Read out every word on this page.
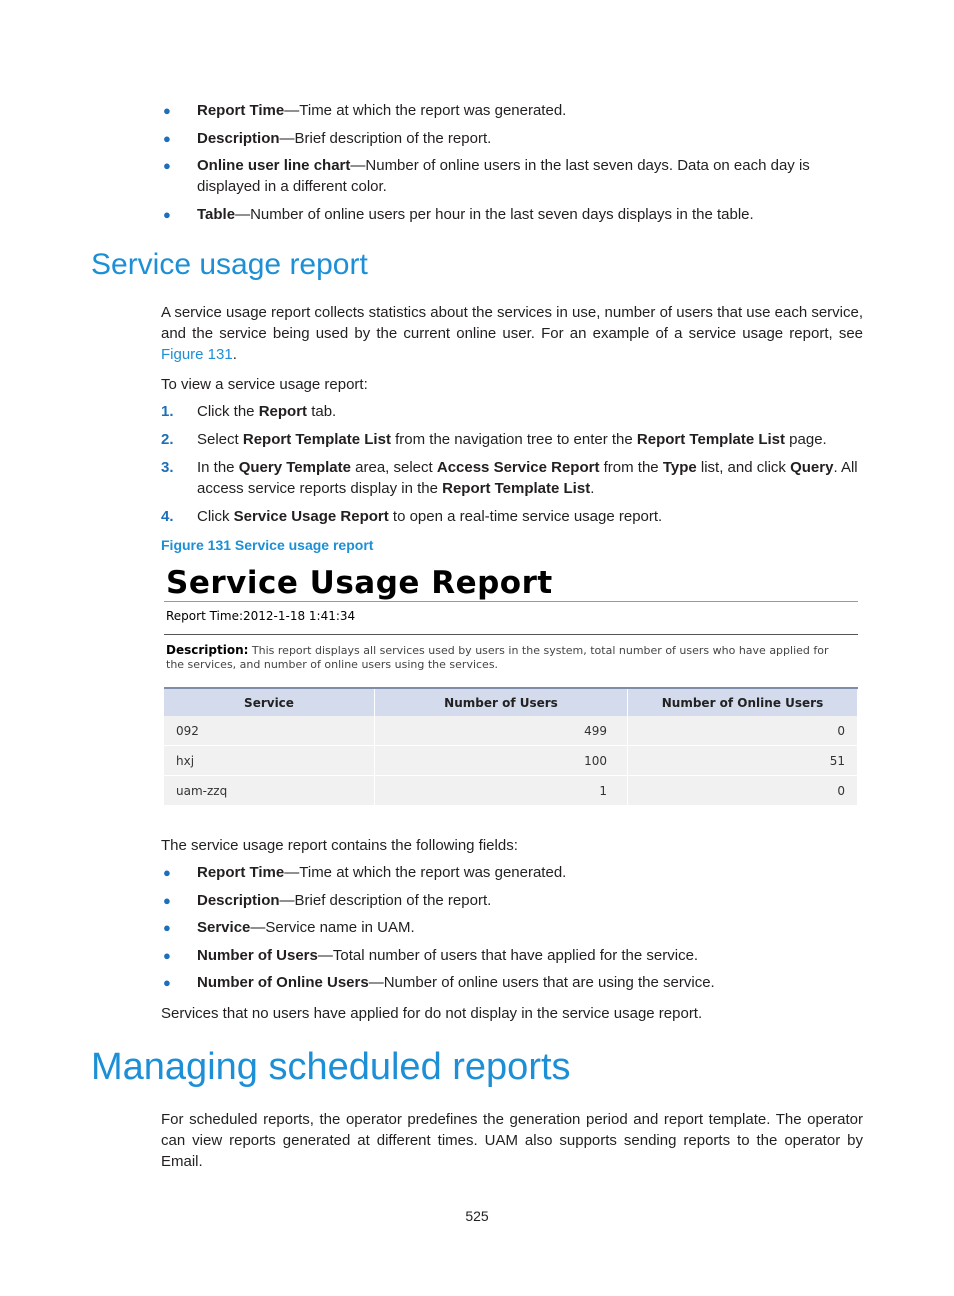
● Report Time—Time at which the report was generated.
● Description—Brief description of the report.
● Online user line chart—Number of online users in the last seven days. Data on each day is displayed in a different color.
● Table—Number of online users per hour in the last seven days displays in the table.
Service usage report
A service usage report collects statistics about the services in use, number of users that use each service, and the service being used by the current online user. For an example of a service usage report, see Figure 131.
To view a service usage report:
1. Click the Report tab.
2. Select Report Template List from the navigation tree to enter the Report Template List page.
3. In the Query Template area, select Access Service Report from the Type list, and click Query. All access service reports display in the Report Template List.
4. Click Service Usage Report to open a real-time service usage report.
Figure 131 Service usage report
Service Usage Report
Report Time:2012-1-18 1:41:34
Description: This report displays all services used by users in the system, total number of users who have applied for the services, and number of online users using the services.
Service	Number of Users	Number of Online Users
092	499	0
hxj	100	51
uam-zzq	1	0
The service usage report contains the following fields:
● Report Time—Time at which the report was generated.
● Description—Brief description of the report.
● Service—Service name in UAM.
● Number of Users—Total number of users that have applied for the service.
● Number of Online Users—Number of online users that are using the service.
Services that no users have applied for do not display in the service usage report.
Managing scheduled reports
For scheduled reports, the operator predefines the generation period and report template. The operator can view reports generated at different times. UAM also supports sending reports to the operator by Email.
525
